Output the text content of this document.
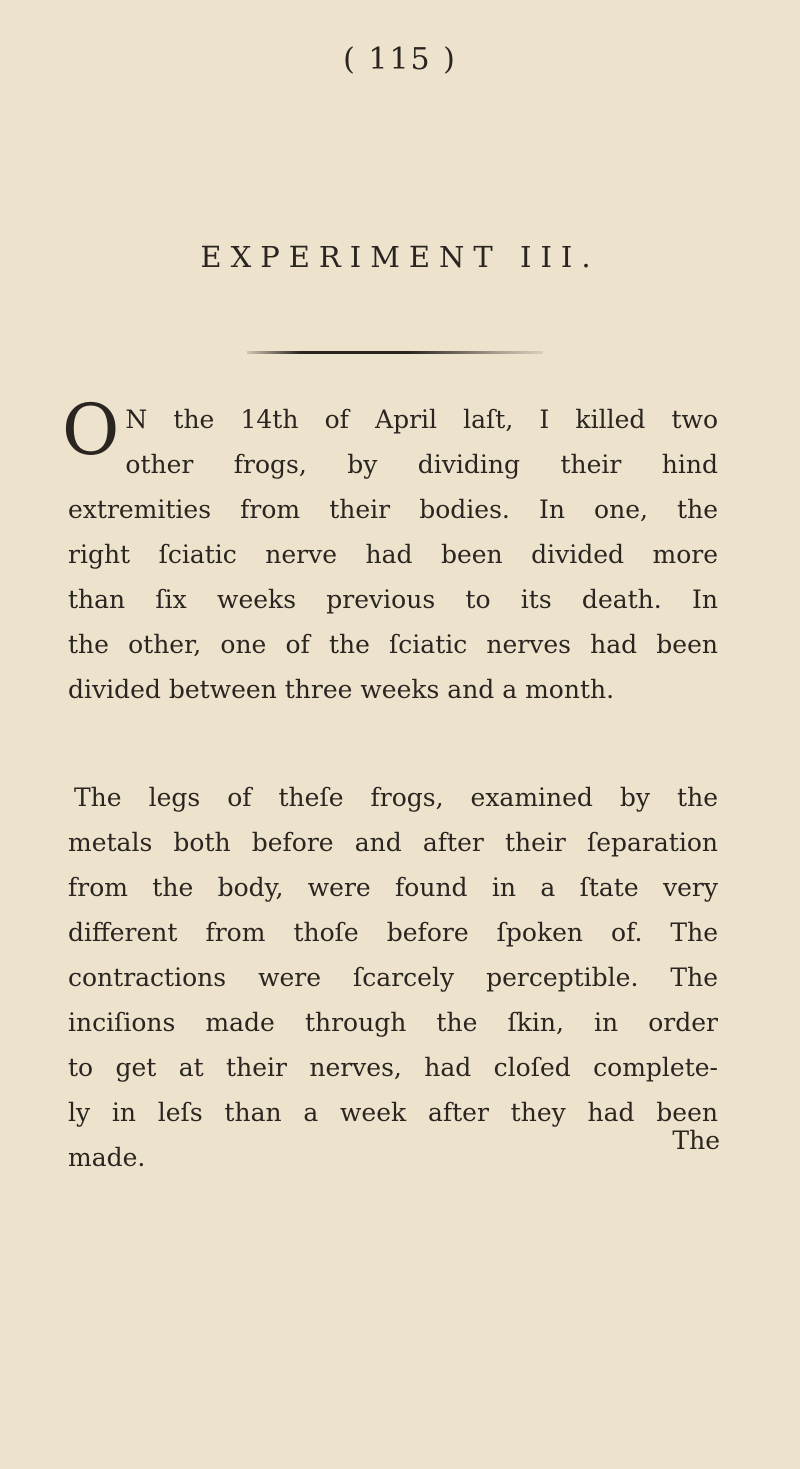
( 115 )
EXPERIMENT III.
O N the 14th of April laſt, I killed two
other frogs, by dividing their hind
extremities from their bodies. In one, the
right ſciatic nerve had been divided more
than ſix weeks previous to its death. In
the other, one of the ſciatic nerves had been
divided between three weeks and a month.
The legs of theſe frogs, examined by the
metals both before and after their ſeparation
from the body, were found in a ſtate very
different from thoſe before ſpoken of. The
contractions were ſcarcely perceptible. The
inciſions made through the ſkin, in order
to get at their nerves, had cloſed complete-
ly in leſs than a week after they had been
made.
The
